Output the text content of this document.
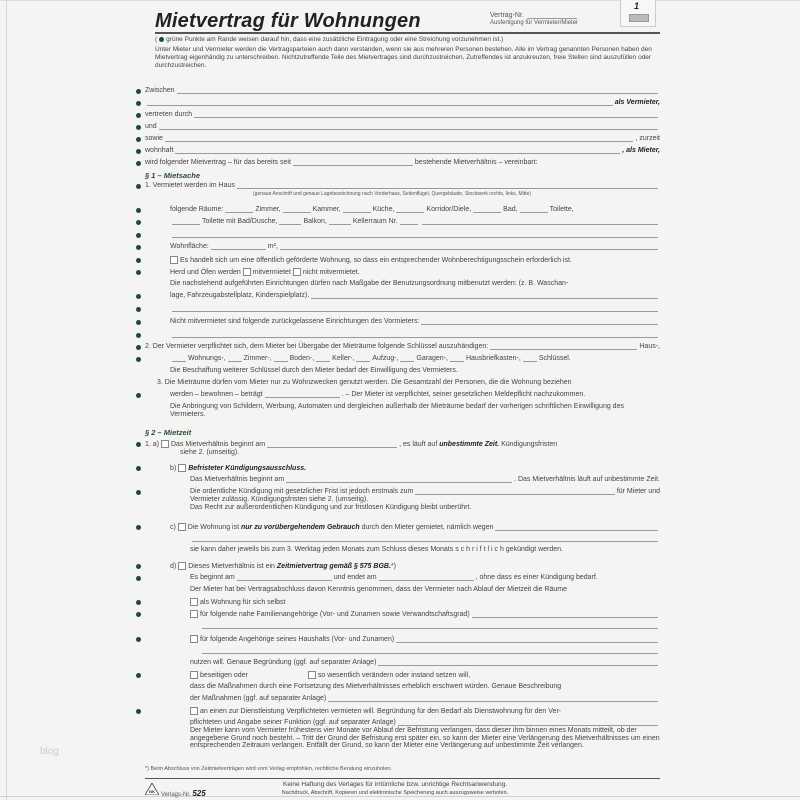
blog
Mietvertrag für Wohnungen	Vertrag-Nr.
Ausfertigung für Vermieter/Mieter
1
( grüne Punkte am Rande weisen darauf hin, dass eine zusätzliche Eintragung oder eine Streichung vorzunehmen ist.)
Unter Mieter und Vermieter werden die Vertragsparteien auch dann verstanden, wenn sie aus mehreren Personen bestehen. Alle im Vertrag genannten Personen haben den Mietvertrag eigenhändig zu unterschreiben. Nichtzutreffende Teile des Mietvertrages sind durchzustreichen, Zutreffendes ist anzukreuzen, freie Stellen sind auszufüllen oder durchzustreichen.
Zwischen
als Vermieter,
vertreten durch
und
sowie	, zurzeit
wohnhaft	, als Mieter,
wird folgender Mietvertrag – für das bereits seit	bestehende Mietverhältnis – vereinbart:
§ 1 – Mietsache
1. Vermietet werden im Haus
(genaue Anschrift und genaue Lagebezeichnung nach Vorderhaus, Seitenflügel, Quergebäude, Stockwerk rechts, links, Mitte)
folgende Räume:	Zimmer,	Kammer,	Küche,	Korridor/Diele,	Bad,	Toilette,
Toilette mit Bad/Dusche,	Balkon,	Kellerraum Nr.
Wohnfläche:	m²,
Es handelt sich um eine öffentlich geförderte Wohnung, so dass ein entsprechender Wohnberechtigungsschein erforderlich ist.
Herd und Öfen werden
mitvermietet
nicht mitvermietet.
Die nachstehend aufgeführten Einrichtungen dürfen nach Maßgabe der Benutzungsordnung mitbenutzt werden: (z. B. Waschan-
lage, Fahrzeugabstellplatz, Kinderspielplatz).
Nicht mitvermietet sind folgende zurückgelassene Einrichtungen des Vormieters:
2. Der Vermieter verpflichtet sich, dem Mieter bei Übergabe der Mieträume folgende Schlüssel auszuhändigen:	Haus-,
Wohnungs-,	Zimmer-,	Boden-,	Keller-,	Aufzug-,	Garagen-,	Hausbriefkasten-,	Schlüssel.
Die Beschaffung weiterer Schlüssel durch den Mieter bedarf der Einwilligung des Vermieters.
3. Die Mieträume dürfen vom Mieter nur zu Wohnzwecken genutzt werden. Die Gesamtzahl der Personen, die die Wohnung beziehen
werden – bewohnen – beträgt	. – Der Mieter ist verpflichtet, seiner gesetzlichen Meldepflicht nachzukommen.
Die Anbringung von Schildern, Werbung, Automaten und dergleichen außerhalb der Mieträume bedarf der vorherigen schriftlichen Einwilligung des Vermieters.
§ 2 – Mietzeit
1. a)
Das Mietverhältnis beginnt am	, es läuft auf
unbestimmte Zeit.
Kündigungsfristen
siehe 2. (umseitig).
b)
Befristeter Kündigungsausschluss.
Das Mietverhältnis beginnt am	. Das Mietverhältnis läuft auf unbestimmte Zeit.
Die ordentliche Kündigung mit gesetzlicher Frist ist jedoch erstmals zum	für Mieter und
Vermieter zulässig. Kündigungsfristen siehe 2. (umseitig).
Das Recht zur außerordentlichen Kündigung und zur fristlosen Kündigung bleibt unberührt.
c)
Die Wohnung ist
nur zu vorübergehendem Gebrauch
durch den Mieter gemietet, nämlich wegen
sie kann daher jeweils bis zum 3. Werktag jeden Monats zum Schluss dieses Monats s c h r i f t l i c h gekündigt werden.
d)
Dieses Mietverhältnis ist ein
Zeitmietvertrag gemäß § 575 BGB. *)
Es beginnt am	und endet am	, ohne dass es einer Kündigung bedarf.
Der Mieter hat bei Vertragsabschluss davon Kenntnis genommen, dass der Vermieter nach Ablauf der Mietzeit die Räume
als Wohnung für sich selbst
für folgende nahe Familienangehörige (Vor- und Zunamen sowie Verwandtschaftsgrad)
für folgende Angehörige seines Haushalts (Vor- und Zunamen)
nutzen will. Genaue Begründung (ggf. auf separater Anlage)
beseitigen oder	so wesentlich verändern oder instand setzen will,
dass die Maßnahmen durch eine Fortsetzung des Mietverhältnisses erheblich erschwert würden. Genaue Beschreibung
der Maßnahmen (ggf. auf separater Anlage)
an einen zur Dienstleistung Verpflichteten vermieten will. Begründung für den Bedarf als Dienstwohnung für den Ver-
pflichteten und Angabe seiner Funktion (ggf. auf separater Anlage)
Der Mieter kann vom Vermieter frühestens vier Monate vor Ablauf der Befristung verlangen, dass dieser ihm binnen eines Monats mitteilt, ob der angegebene Grund noch besteht. – Tritt der Grund der Befristung erst später ein, so kann der Mieter eine Verlängerung des Mietverhältnisses um einen entsprechenden Zeitraum verlangen. Entfällt der Grund, so kann der Mieter eine Verlängerung auf unbestimmte Zeit verlangen.
*) Beim Abschluss von Zeitmietverträgen wird vom Verlag empfohlen, rechtliche Beratung einzuholen.
NK
Verlags-Nr. 525
Keine Haftung des Verlages für irrtümliche bzw. unrichtige Rechtsanwendung.
Nachdruck, Abschrift, Kopieren und elektronische Speicherung auch auszugsweise verboten.
